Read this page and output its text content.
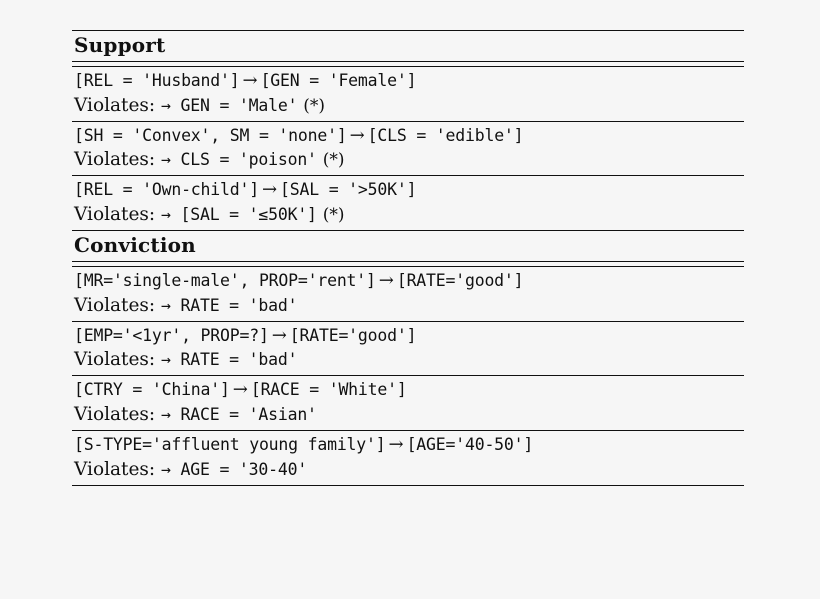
Support
[REL = 'Husband'] → [GEN = 'Female']
Violates: → GEN = 'Male' (*)
[SH = 'Convex', SM = 'none'] → [CLS = 'edible']
Violates: → CLS = 'poison' (*)
[REL = 'Own-child'] → [SAL = '>50K']
Violates: → [SAL = '≤50K'] (*)
Conviction
[MR='single-male', PROP='rent'] → [RATE='good']
Violates: → RATE = 'bad'
[EMP='<1yr', PROP=?] → [RATE='good']
Violates: → RATE = 'bad'
[CTRY = 'China'] → [RACE = 'White']
Violates: → RACE = 'Asian'
[S-TYPE='affluent young family'] → [AGE='40-50']
Violates: → AGE = '30-40'
